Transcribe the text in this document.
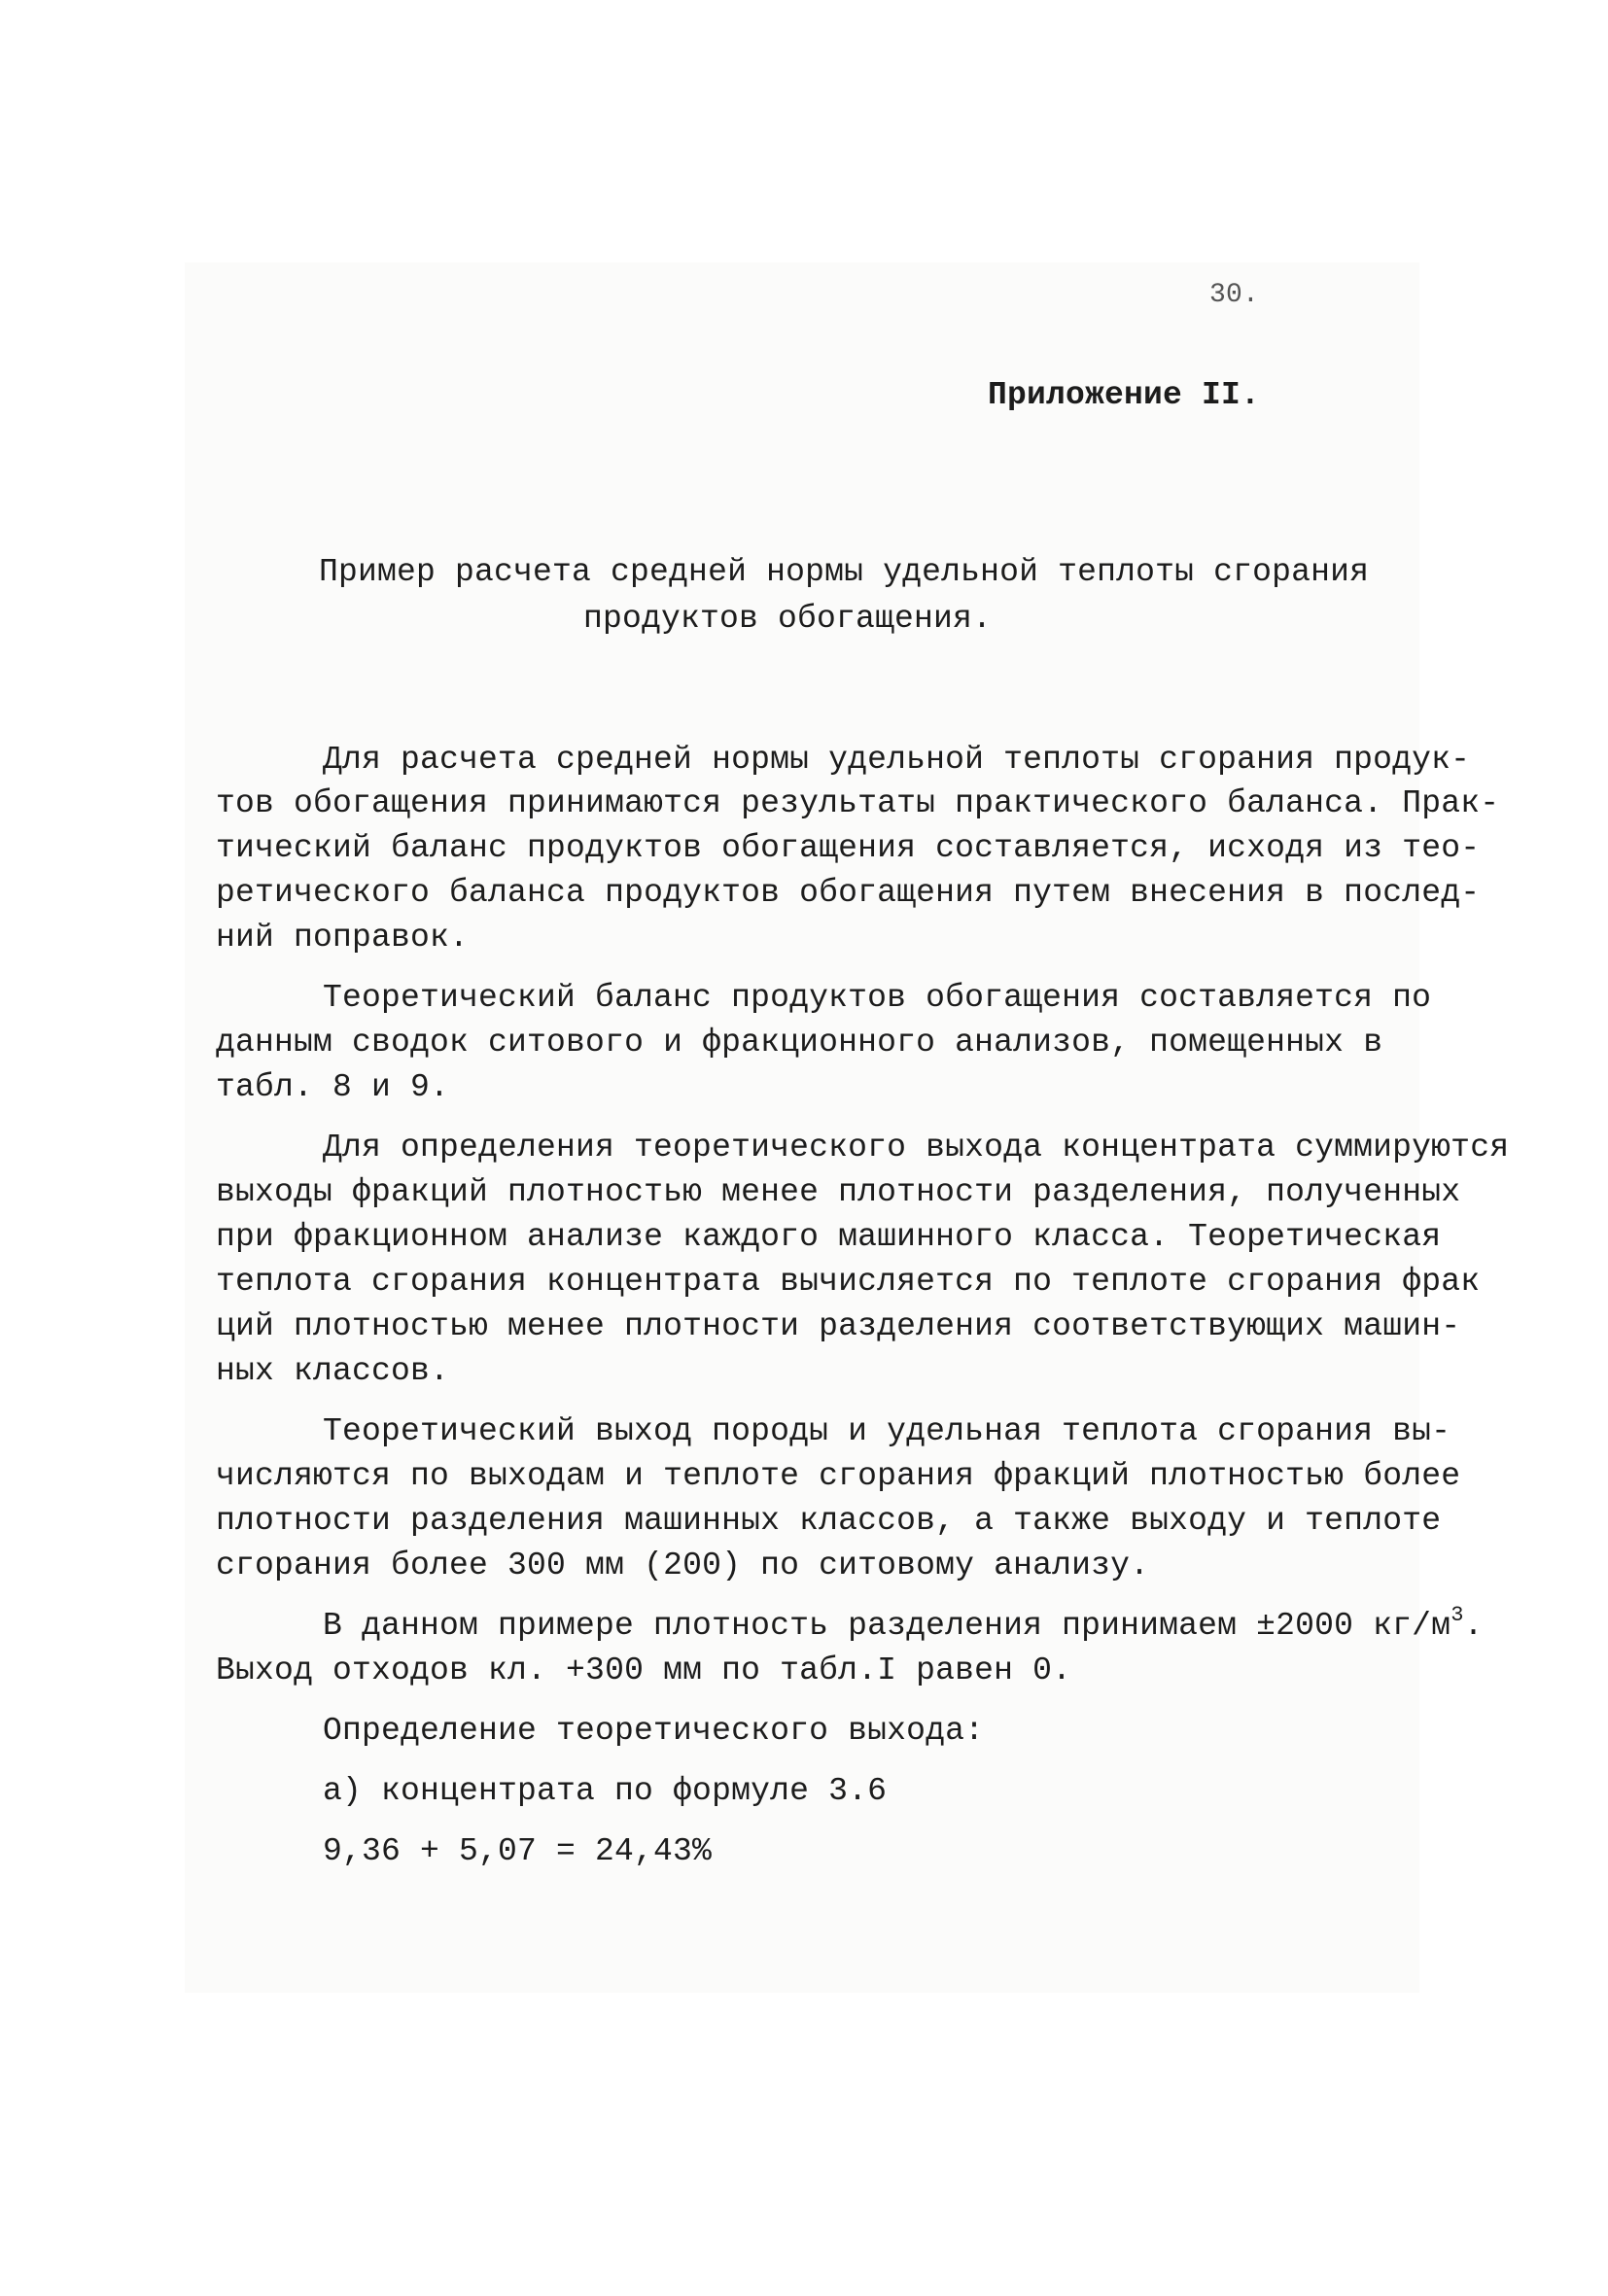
30.
Приложение II.
Пример расчета средней нормы удельной теплоты сгорания
продуктов обогащения.
Для расчета средней нормы удельной теплоты сгорания продук-
тов обогащения принимаются результаты практического баланса. Прак-
тический баланс продуктов обогащения составляется, исходя из тео-
ретического баланса продуктов обогащения путем внесения в послед-
ний поправок.
Теоретический баланс продуктов обогащения составляется по
данным сводок ситового и фракционного анализов, помещенных в
табл. 8 и 9.
Для определения теоретического выхода концентрата суммируются
выходы фракций плотностью менее плотности разделения, полученных
при фракционном анализе каждого машинного класса. Теоретическая
теплота сгорания концентрата вычисляется по теплоте сгорания фрак
ций плотностью менее плотности разделения соответствующих машин-
ных классов.
Теоретический выход породы и удельная теплота сгорания вы-
числяются по выходам и теплоте сгорания фракций плотностью более
плотности разделения машинных классов, а также выходу и теплоте
сгорания более 300 мм (200) по ситовому анализу.
В данном примере плотность разделения принимаем ±2000 $кг/м^3$.
Выход отходов кл. +300 мм по табл.I равен 0.
Определение теоретического выхода:
а) концентрата по формуле 3.6
9,36 + 5,07 = 24,43%
